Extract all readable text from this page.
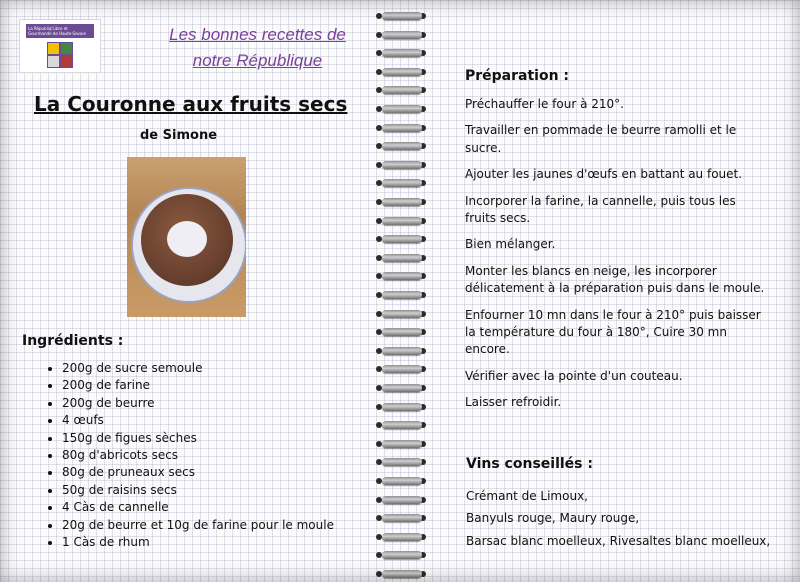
La Républiq'Libre et Gourmande de Haute-Savoie	Les bonnes recettes de
notre République
La Couronne aux fruits secs
de Simone
Ingrédients :
• 200g de sucre semoule
• 200g de farine
• 200g de beurre
• 4 œufs
• 150g de figues sèches
• 80g d'abricots secs
• 80g de pruneaux secs
• 50g de raisins secs
• 4 Càs de cannelle
• 20g de beurre et 10g de farine pour le moule
• 1 Càs de rhum
Préparation :

Préchauffer le four à 210°.

Travailler en pommade le beurre ramolli et le sucre.

Ajouter les jaunes d'œufs en battant au fouet.

Incorporer la farine, la cannelle, puis tous les fruits secs.

Bien mélanger.

Monter les blancs en neige, les incorporer délicatement à la préparation puis dans le moule.

Enfourner 10 mn dans le four à 210° puis baisser la température du four à 180°, Cuire 30 mn encore.

Vérifier avec la pointe d'un couteau.

Laisser refroidir.

Vins conseillés :

Crémant de Limoux,

Banyuls rouge, Maury rouge,

Barsac blanc moelleux, Rivesaltes blanc moelleux,
